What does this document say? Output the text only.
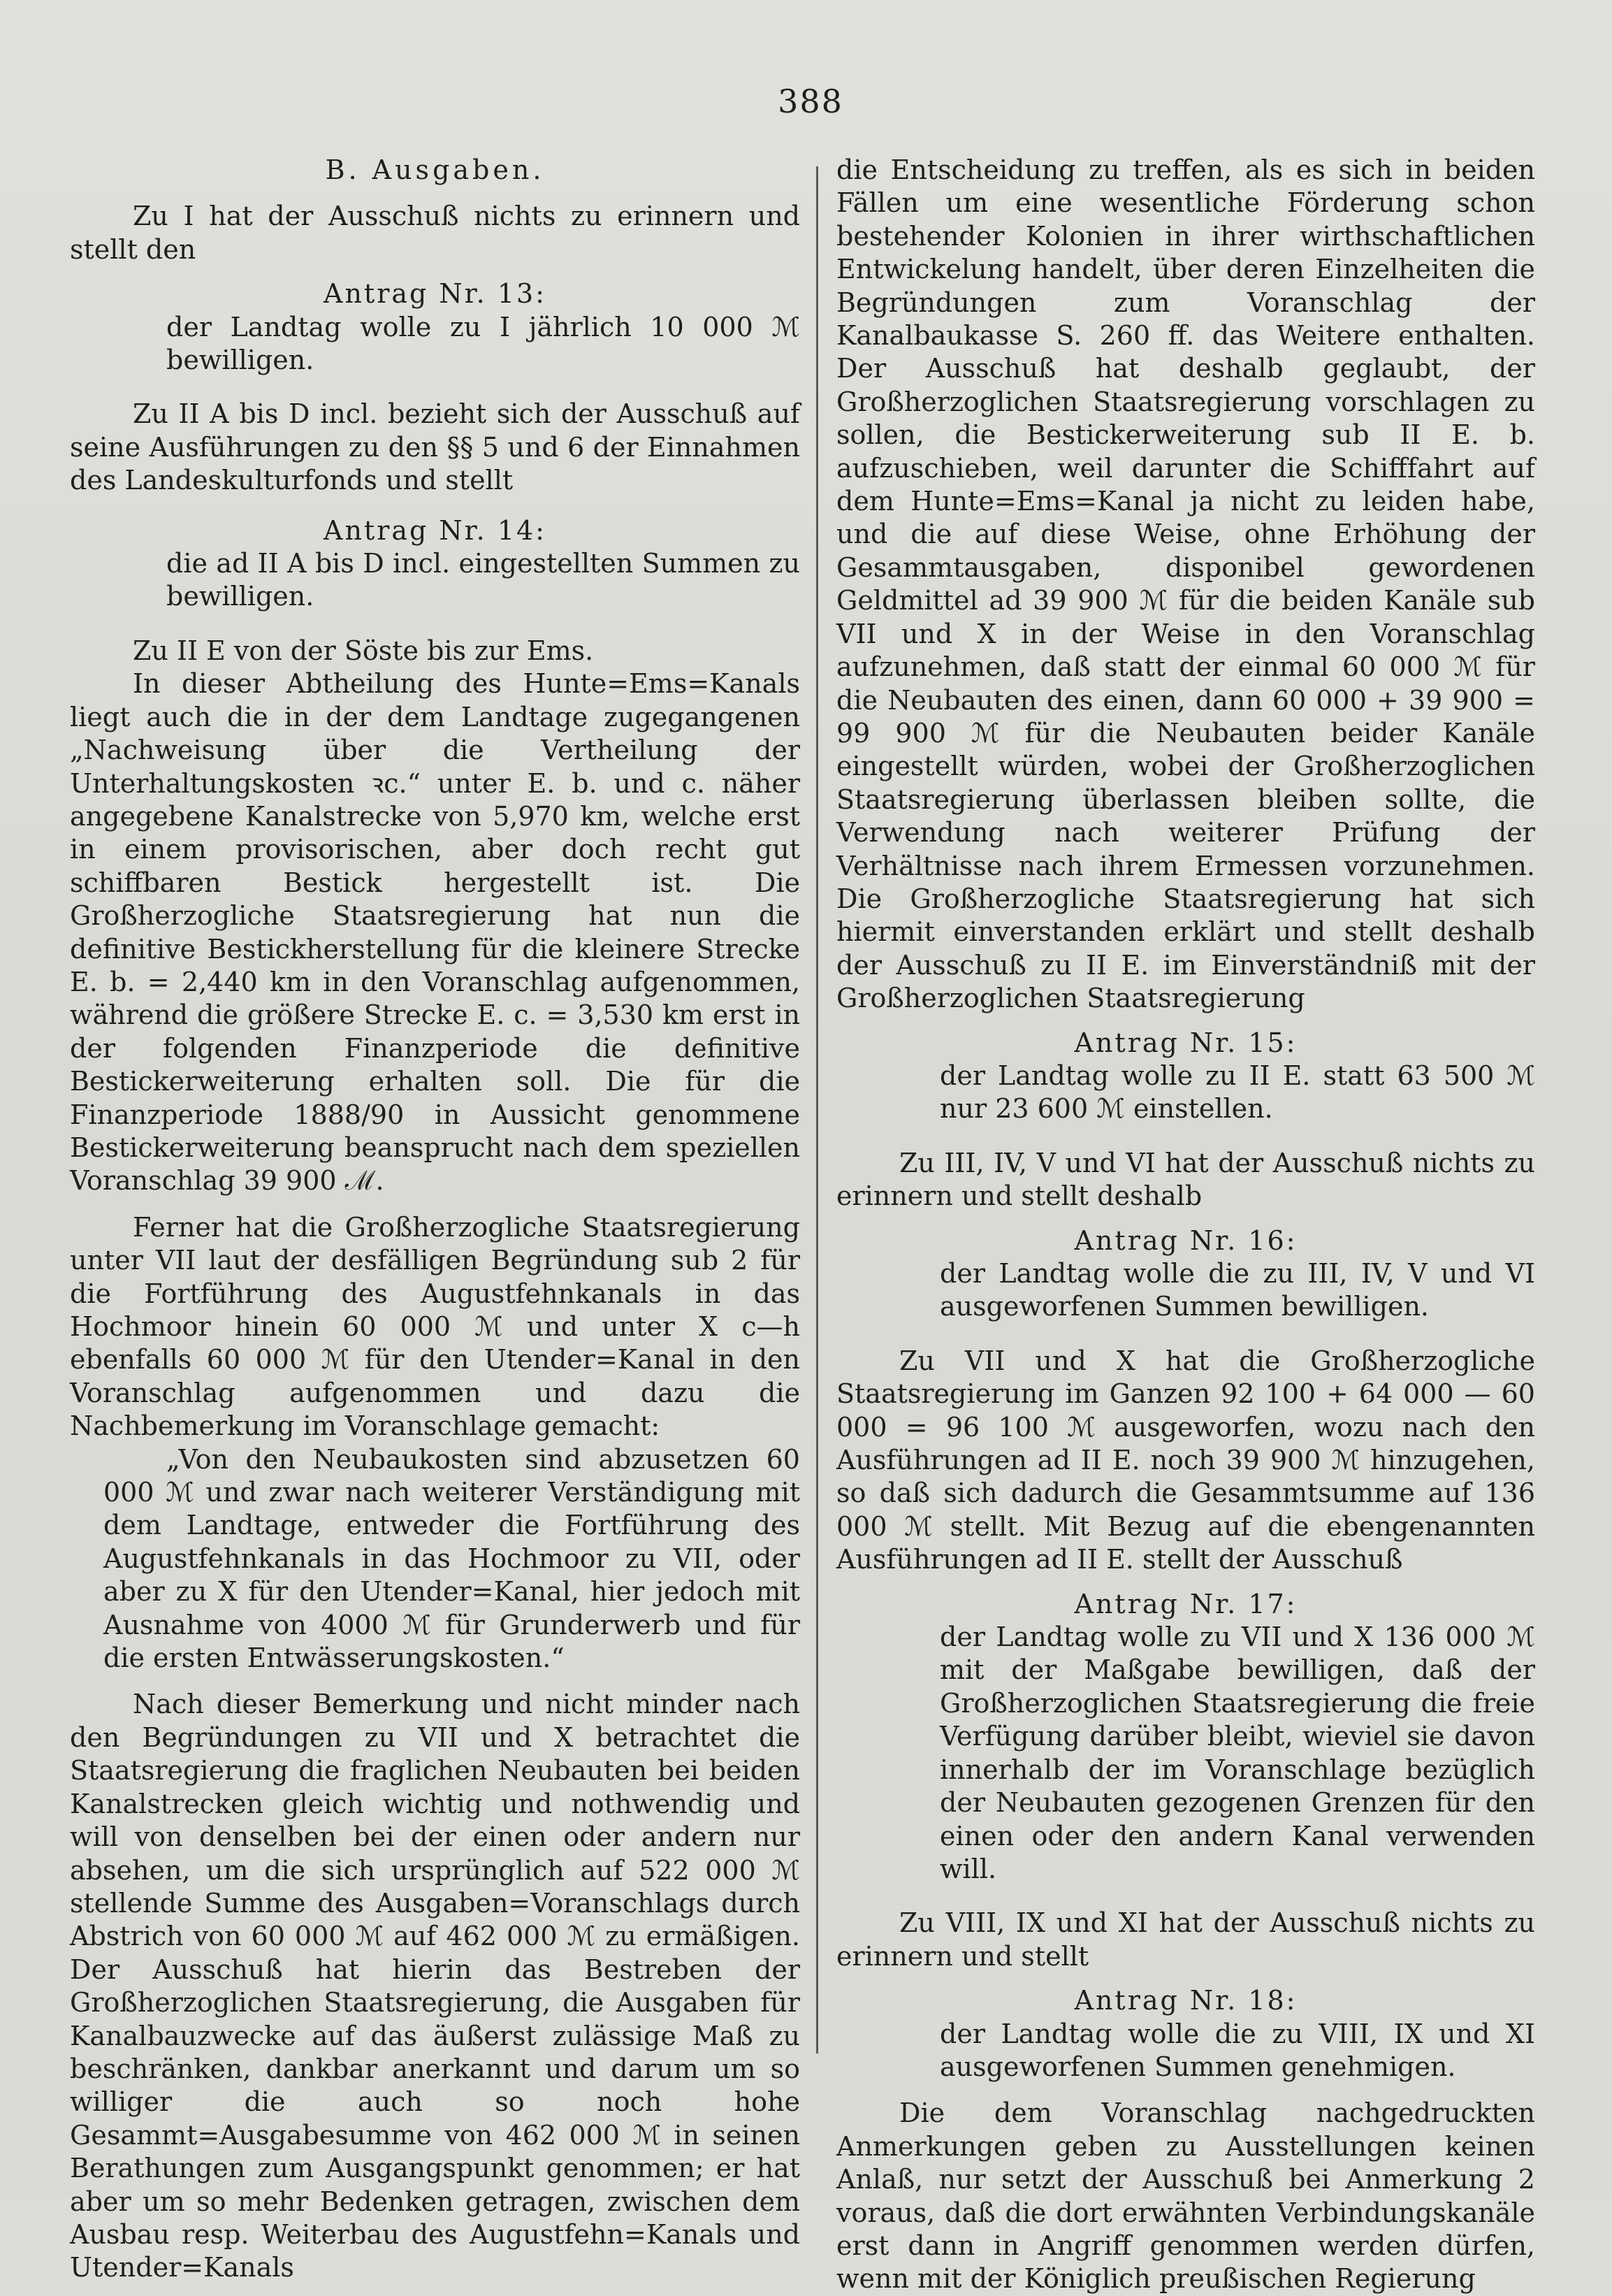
388

B. Ausgaben.

Zu I hat der Ausschuß nichts zu erinnern und stellt den

Antrag Nr. 13:

der Landtag wolle zu I jährlich 10 000 ℳ bewilligen.

Zu II A bis D incl. bezieht sich der Ausschuß auf seine Ausführungen zu den §§ 5 und 6 der Einnahmen des Landeskulturfonds und stellt

Antrag Nr. 14:

die ad II A bis D incl. eingestellten Summen zu bewilligen.

Zu II E von der Söste bis zur Ems.

In dieser Abtheilung des Hunte=Ems=Kanals liegt auch die in der dem Landtage zugegangenen „Nachweisung über die Vertheilung der Unterhaltungskosten ꝛc.“ unter E. b. und c. näher angegebene Kanalstrecke von 5,970 km, welche erst in einem provisorischen, aber doch recht gut schiffbaren Bestick hergestellt ist. Die Großherzogliche Staatsregierung hat nun die definitive Bestickherstellung für die kleinere Strecke E. b. = 2,440 km in den Voranschlag aufgenommen, während die größere Strecke E. c. = 3,530 km erst in der folgenden Finanzperiode die definitive Bestickerweiterung erhalten soll. Die für die Finanzperiode 1888/90 in Aussicht genommene Bestickerweiterung beansprucht nach dem speziellen Voranschlag 39 900 ℳ.

Ferner hat die Großherzogliche Staatsregierung unter VII laut der desfälligen Begründung sub 2 für die Fortführung des Augustfehnkanals in das Hochmoor hinein 60 000 ℳ und unter X c—h ebenfalls 60 000 ℳ für den Utender=Kanal in den Voranschlag aufgenommen und dazu die Nachbemerkung im Voranschlage gemacht:

„Von den Neubaukosten sind abzusetzen 60 000 ℳ und zwar nach weiterer Verständigung mit dem Landtage, entweder die Fortführung des Augustfehnkanals in das Hochmoor zu VII, oder aber zu X für den Utender=Kanal, hier jedoch mit Ausnahme von 4000 ℳ für Grunderwerb und für die ersten Entwässerungskosten.“

Nach dieser Bemerkung und nicht minder nach den Begründungen zu VII und X betrachtet die Staatsregierung die fraglichen Neubauten bei beiden Kanalstrecken gleich wichtig und nothwendig und will von denselben bei der einen oder andern nur absehen, um die sich ursprünglich auf 522 000 ℳ stellende Summe des Ausgaben=Voranschlags durch Abstrich von 60 000 ℳ auf 462 000 ℳ zu ermäßigen. Der Ausschuß hat hierin das Bestreben der Großherzoglichen Staatsregierung, die Ausgaben für Kanalbauzwecke auf das äußerst zulässige Maß zu beschränken, dankbar anerkannt und darum um so williger die auch so noch hohe Gesammt=Ausgabesumme von 462 000 ℳ in seinen Berathungen zum Ausgangspunkt genommen; er hat aber um so mehr Bedenken getragen, zwischen dem Ausbau resp. Weiterbau des Augustfehn=Kanals und Utender=Kanals

die Entscheidung zu treffen, als es sich in beiden Fällen um eine wesentliche Förderung schon bestehender Kolonien in ihrer wirthschaftlichen Entwickelung handelt, über deren Einzelheiten die Begründungen zum Voranschlag der Kanalbaukasse S. 260 ff. das Weitere enthalten. Der Ausschuß hat deshalb geglaubt, der Großherzoglichen Staatsregierung vorschlagen zu sollen, die Bestickerweiterung sub II E. b. aufzuschieben, weil darunter die Schifffahrt auf dem Hunte=Ems=Kanal ja nicht zu leiden habe, und die auf diese Weise, ohne Erhöhung der Gesammtausgaben, disponibel gewordenen Geldmittel ad 39 900 ℳ für die beiden Kanäle sub VII und X in der Weise in den Voranschlag aufzunehmen, daß statt der einmal 60 000 ℳ für die Neubauten des einen, dann 60 000 + 39 900 = 99 900 ℳ für die Neubauten beider Kanäle eingestellt würden, wobei der Großherzoglichen Staatsregierung überlassen bleiben sollte, die Verwendung nach weiterer Prüfung der Verhältnisse nach ihrem Ermessen vorzunehmen. Die Großherzogliche Staatsregierung hat sich hiermit einverstanden erklärt und stellt deshalb der Ausschuß zu II E. im Einverständniß mit der Großherzoglichen Staatsregierung

Antrag Nr. 15:

der Landtag wolle zu II E. statt 63 500 ℳ nur 23 600 ℳ einstellen.

Zu III, IV, V und VI hat der Ausschuß nichts zu erinnern und stellt deshalb

Antrag Nr. 16:

der Landtag wolle die zu III, IV, V und VI ausgeworfenen Summen bewilligen.

Zu VII und X hat die Großherzogliche Staatsregierung im Ganzen 92 100 + 64 000 — 60 000 = 96 100 ℳ ausgeworfen, wozu nach den Ausführungen ad II E. noch 39 900 ℳ hinzugehen, so daß sich dadurch die Gesammtsumme auf 136 000 ℳ stellt. Mit Bezug auf die ebengenannten Ausführungen ad II E. stellt der Ausschuß

Antrag Nr. 17:

der Landtag wolle zu VII und X 136 000 ℳ mit der Maßgabe bewilligen, daß der Großherzoglichen Staatsregierung die freie Verfügung darüber bleibt, wieviel sie davon innerhalb der im Voranschlage bezüglich der Neubauten gezogenen Grenzen für den einen oder den andern Kanal verwenden will.

Zu VIII, IX und XI hat der Ausschuß nichts zu erinnern und stellt

Antrag Nr. 18:

der Landtag wolle die zu VIII, IX und XI ausgeworfenen Summen genehmigen.

Die dem Voranschlag nachgedruckten Anmerkungen geben zu Ausstellungen keinen Anlaß, nur setzt der Ausschuß bei Anmerkung 2 voraus, daß die dort erwähnten Verbindungskanäle erst dann in Angriff genommen werden dürfen, wenn mit der Königlich preußischen Regierung
